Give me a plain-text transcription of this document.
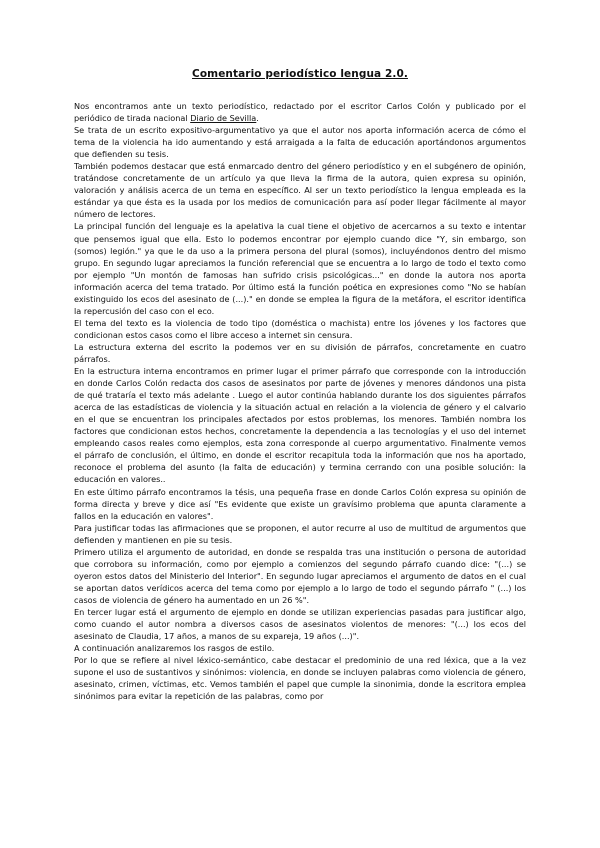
Comentario periodístico lengua 2.0.

Nos encontramos ante un texto periodístico, redactado por el escritor Carlos Colón y publicado por el periódico de tirada nacional Diario de Sevilla.

Se trata de un escrito expositivo-argumentativo ya que el autor nos aporta información acerca de cómo el tema de la violencia ha ido aumentando y está arraigada a la falta de educación aportándonos argumentos que defienden su tesis.

También podemos destacar que está enmarcado dentro del género periodístico y en el subgénero de opinión, tratándose concretamente de un artículo ya que lleva la firma de la autora, quien expresa su opinión, valoración y análisis acerca de un tema en específico. Al ser un texto periodístico la lengua empleada es la estándar ya que ésta es la usada por los medios de comunicación para así poder llegar fácilmente al mayor número de lectores.

La principal función del lenguaje es la apelativa la cual tiene el objetivo de acercarnos a su texto e intentar que pensemos igual que ella. Esto lo podemos encontrar por ejemplo cuando dice "Y, sin embargo, son (somos) legión." ya que le da uso a la primera persona del plural (somos), incluyéndonos dentro del mismo grupo. En segundo lugar apreciamos la función referencial que se encuentra a lo largo de todo el texto como por ejemplo "Un montón de famosas han sufrido crisis psicológicas..." en donde la autora nos aporta información acerca del tema tratado. Por último está la función poética en expresiones como "No se habían existinguido los ecos del asesinato de (...)." en donde se emplea la figura de la metáfora, el escritor identifica la repercusión del caso con el eco.

El tema del texto es la violencia de todo tipo (doméstica o machista) entre los jóvenes y los factores que condicionan estos casos como el libre acceso a internet sin censura.

La estructura externa del escrito la podemos ver en su división de párrafos, concretamente en cuatro párrafos.

En la estructura interna encontramos en primer lugar el primer párrafo que corresponde con la introducción en donde Carlos Colón redacta dos casos de asesinatos por parte de jóvenes y menores dándonos una pista de qué trataría el texto más adelante . Luego el autor continúa hablando durante los dos siguientes párrafos acerca de las estadísticas de violencia y la situación actual en relación a la violencia de género y el calvario en el que se encuentran los principales afectados por estos problemas, los menores. También nombra los factores que condicionan estos hechos, concretamente la dependencia a las tecnologías y el uso del internet empleando casos reales como ejemplos, esta zona corresponde al cuerpo argumentativo. Finalmente vemos el párrafo de conclusión, el último, en donde el escritor recapitula toda la información que nos ha aportado, reconoce el problema del asunto (la falta de educación) y termina cerrando con una posible solución: la educación en valores..

En este último párrafo encontramos la tésis, una pequeña frase en donde Carlos Colón expresa su opinión de forma directa y breve y dice así "Es evidente que existe un gravísimo problema que apunta claramente a fallos en la educación en valores".

Para justificar todas las afirmaciones que se proponen, el autor recurre al uso de multitud de argumentos que defienden y mantienen en pie su tesis.

Primero utiliza el argumento de autoridad, en donde se respalda tras una institución o persona de autoridad que corrobora su información, como por ejemplo a comienzos del segundo párrafo cuando dice: "(...) se oyeron estos datos del Ministerio del Interior". En segundo lugar apreciamos el argumento de datos en el cual se aportan datos verídicos acerca del tema como por ejemplo a lo largo de todo el segundo párrafo " (...) los casos de violencia de género ha aumentado en un 26 %".

En tercer lugar está el argumento de ejemplo en donde se utilizan experiencias pasadas para justificar algo, como cuando el autor nombra a diversos casos de asesinatos violentos de menores: "(...) los ecos del asesinato de Claudia, 17 años, a manos de su expareja, 19 años (...)".

A continuación analizaremos los rasgos de estilo.

Por lo que se refiere al nivel léxico-semántico, cabe destacar el predominio de una red léxica, que a la vez supone el uso de sustantivos y sinónimos: violencia, en donde se incluyen palabras como violencia de género, asesinato, crimen, víctimas, etc. Vemos también el papel que cumple la sinonimia, donde la escritora emplea sinónimos para evitar la repetición de las palabras, como por
